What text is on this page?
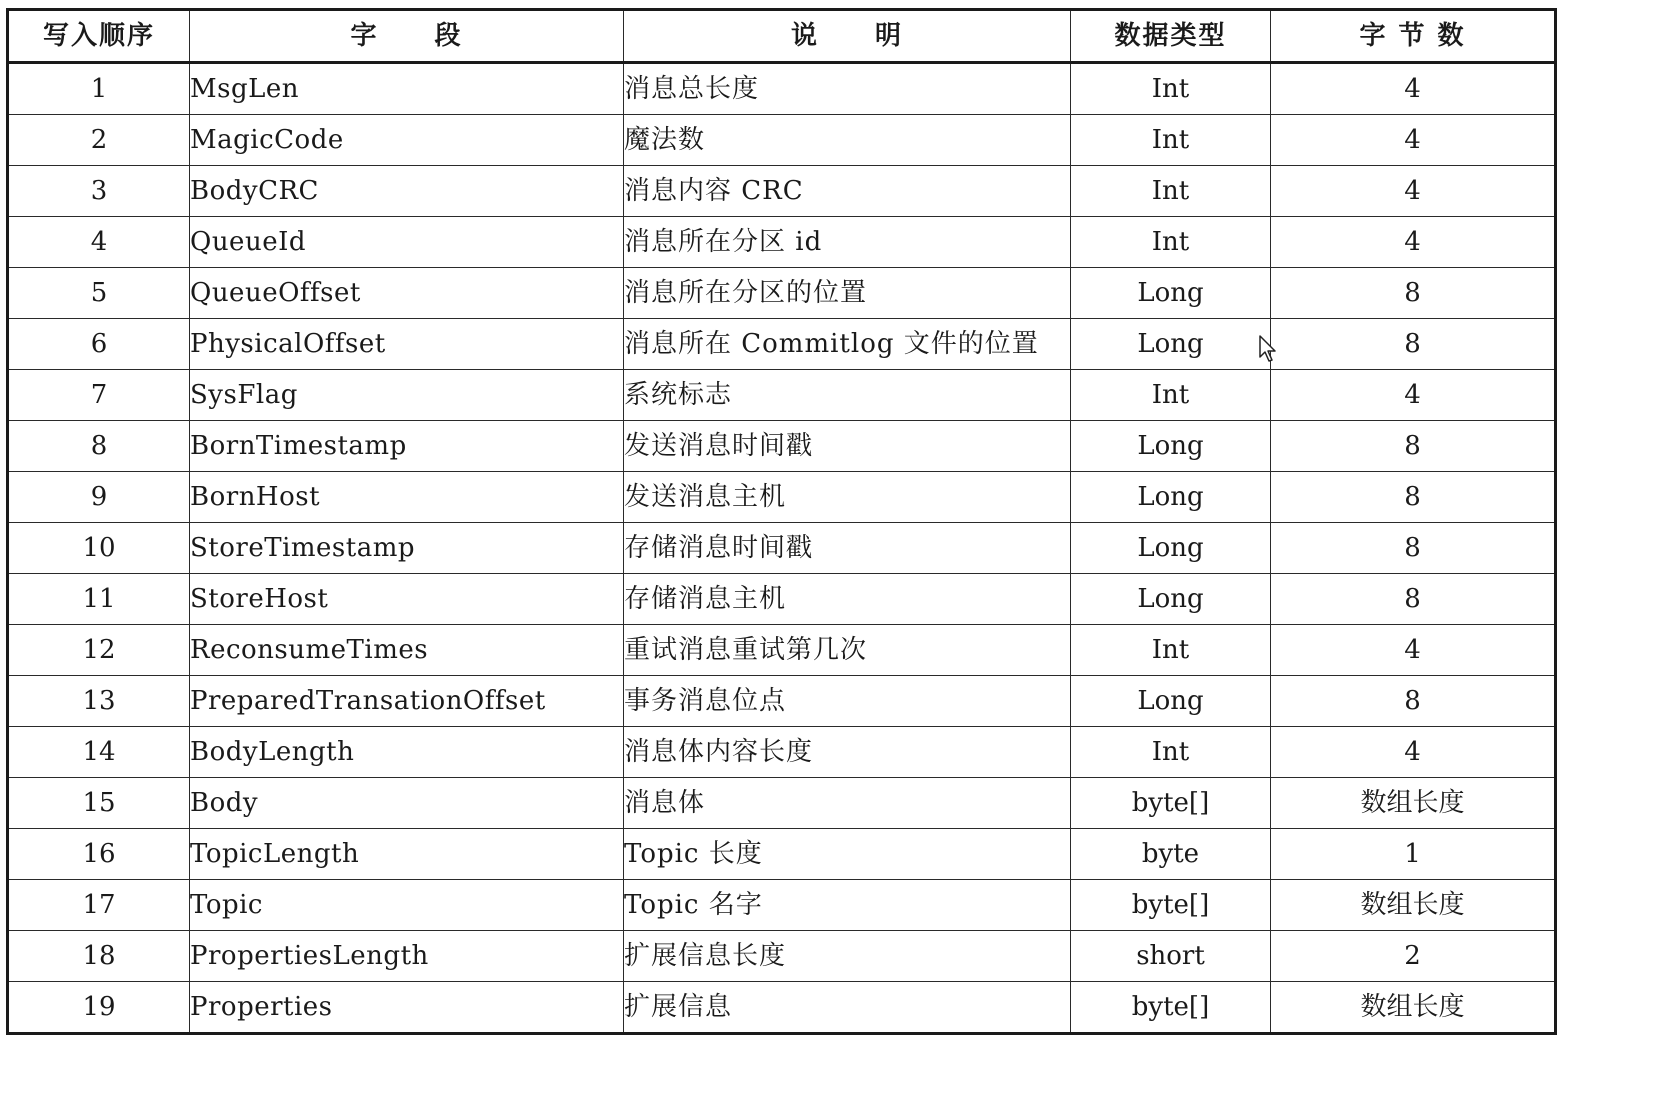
写入顺序	字　　段	说　　明	数据类型	字 节 数
1	MsgLen	消息总长度	Int	4
2	MagicCode	魔法数	Int	4
3	BodyCRC	消息内容 CRC	Int	4
4	QueueId	消息所在分区 id	Int	4
5	QueueOffset	消息所在分区的位置	Long	8
6	PhysicalOffset	消息所在 Commitlog 文件的位置	Long	8
7	SysFlag	系统标志	Int	4
8	BornTimestamp	发送消息时间戳	Long	8
9	BornHost	发送消息主机	Long	8
10	StoreTimestamp	存储消息时间戳	Long	8
11	StoreHost	存储消息主机	Long	8
12	ReconsumeTimes	重试消息重试第几次	Int	4
13	PreparedTransationOffset	事务消息位点	Long	8
14	BodyLength	消息体内容长度	Int	4
15	Body	消息体	byte[]	数组长度
16	TopicLength	Topic 长度	byte	1
17	Topic	Topic 名字	byte[]	数组长度
18	PropertiesLength	扩展信息长度	short	2
19	Properties	扩展信息	byte[]	数组长度
